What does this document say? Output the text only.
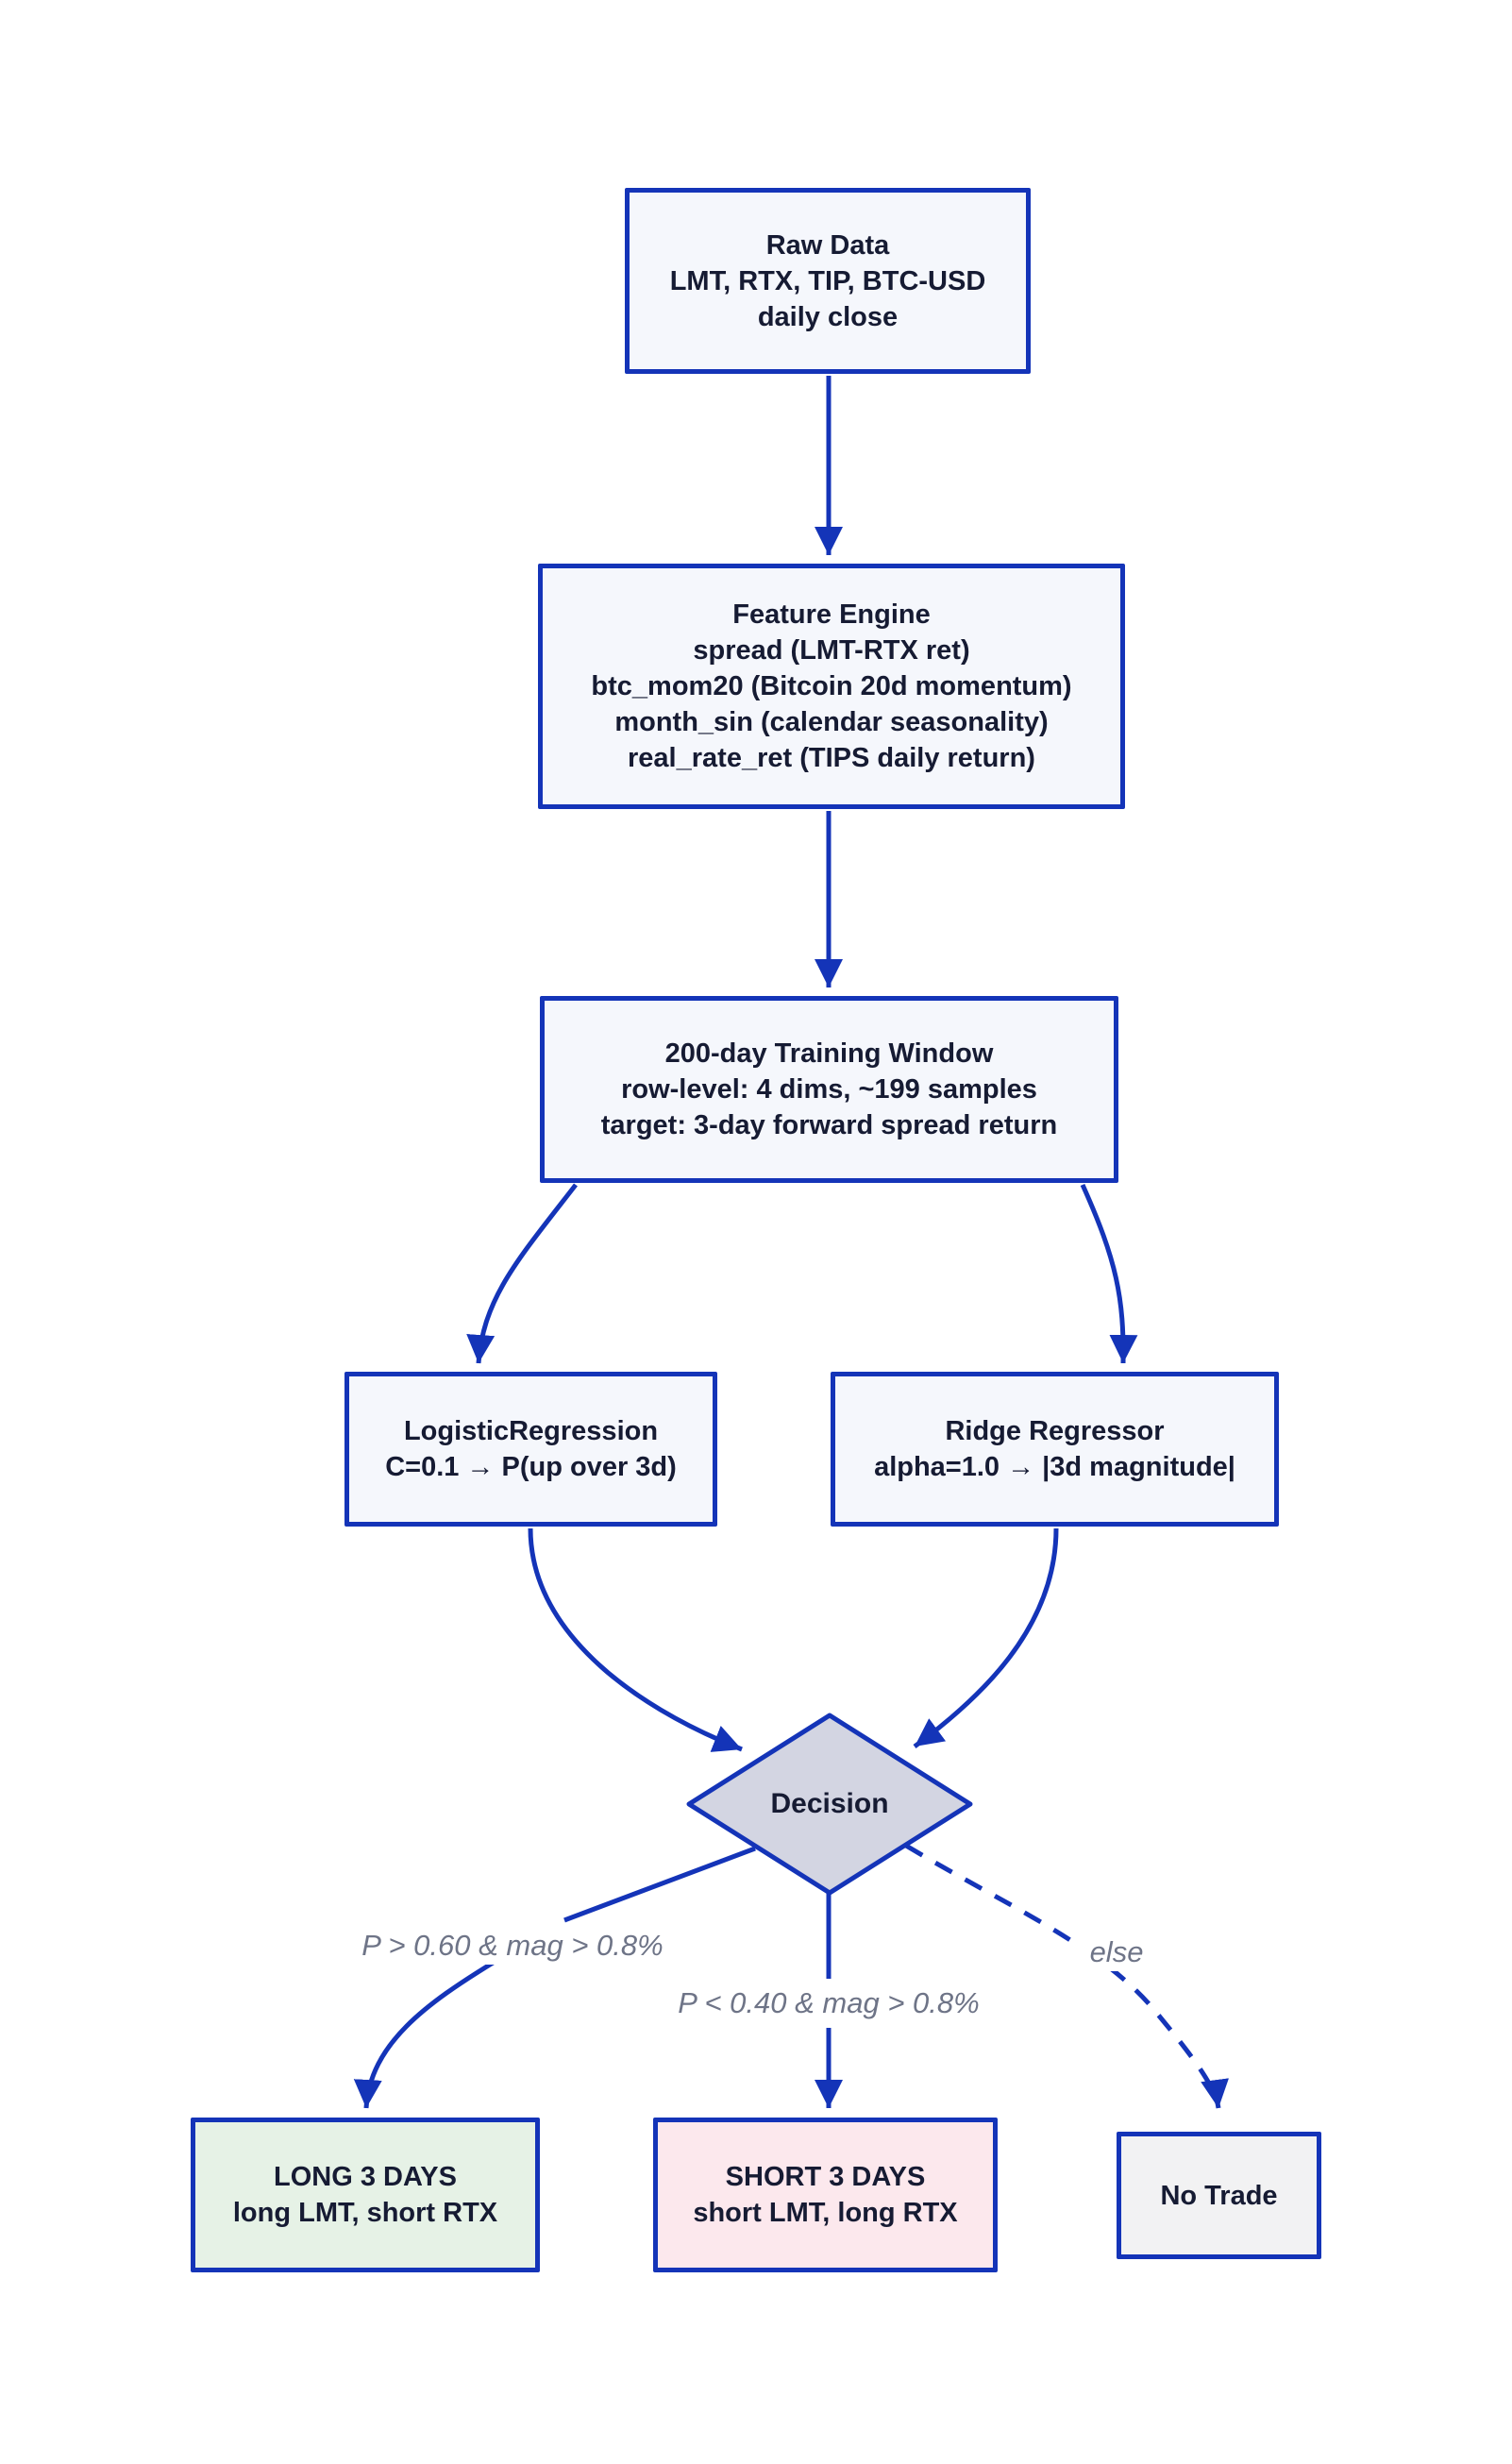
Raw Data
LMT, RTX, TIP, BTC-USD
daily close
Feature Engine
spread (LMT-RTX ret)
btc_mom20 (Bitcoin 20d momentum)
month_sin (calendar seasonality)
real_rate_ret (TIPS daily return)
200-day Training Window
row-level: 4 dims, ~199 samples
target: 3-day forward spread return
LogisticRegression
C=0.1 → P(up over 3d)
Ridge Regressor
alpha=1.0 → |3d magnitude|
Decision
LONG 3 DAYS
long LMT, short RTX
SHORT 3 DAYS
short LMT, long RTX
No Trade
P > 0.60 & mag > 0.8%
P < 0.40 & mag > 0.8%
else
